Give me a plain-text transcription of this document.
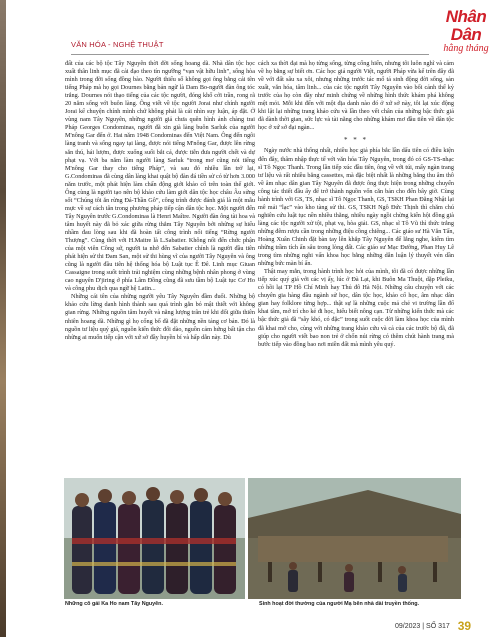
VĂN HÓA - NGHỆ THUẬT
Nhân Dân
hằng tháng

đất của các bộ tộc Tây Nguyên thời đời sống hoang dã. Nhà dân tộc học xuất thân linh mục đã cải đạo theo tín ngưỡng “vạn vật hữu linh”, sống hòa mình trong đời sống đồng bào. Người thiểu số không gọi ông bằng cái tên tiếng Pháp mà họ gọi Dournes bằng bản ngữ là Dam Bo-người đàn ông tóc trắng. Dournes nói thạo tiếng của các tộc người, đóng khố cởi trần, rong rã 20 năm sống với buôn làng. Ông viết về tộc người Jorai như chính người Jorai kể chuyện chính mình chứ không phải là cái nhìn suy luận, áp đặt. Ở vùng nam Tây Nguyên, những người giả chưa quên hình ảnh chàng trai Pháp Georges Condominas, người đã xin già làng buôn Sarluk của người M'nông Gar đến ở. Hai năm 1948 Condominas đến Việt Nam. Ông đến ngôi làng tranh và sống ngay tại làng, được nói tiếng M'nông Gar, được lên rừng săn thú, hái lượm, được xuống suối bắt cá, được tiễn đưa người chết và dự phạt vạ. Với ba năm làm người làng Sarluk “trong mơ cũng nói tiếng M'nông Gar thay cho tiếng Pháp”, và sau đó nhiều lần trở lại, G.Condominas đã cùng dân làng khai quật bộ đàn đá tiền sử có từ hơn 3.000 năm trước, một phát hiện làm chấn động giới khảo cổ trên toàn thế giới. Ông cùng là người tạo nên bộ khảo cứu làm giới dân tộc học châu Âu sửng sốt “Chúng tôi ăn rừng Đá-Thần Gô”, công trình được đánh giá là một mẫu mực về sự cách tân trong phương pháp tiếp cận dân tộc học. Một người đến Tây Nguyên trước G.Condominas là Henri Maître. Người đàn ông tài hoa và tâm huyết này đã bỏ xác giữa rừng thẳm Tây Nguyên bởi những sự hiểu nhầm đau lòng sau khi đã hoàn tất công trình nổi tiếng “Rừng người Thượng”. Cùng thời với H.Maitre là L.Sabatier. Không nổi đến chức phận của một viên Công sứ, người ta nhớ đến Sabatier chính là người đầu tiên phát hiện sử thi Đam San, một sử thi hùng vĩ của người Tây Nguyên và ông cũng là người đầu tiên hệ thống hóa bộ Luật tục Ê Đê. Linh mục Giuan Cassaigne trong suốt trình trải nghiệm cùng những bệnh nhân phong ở vùng cao nguyên D'jiring ở phía Lâm Đồng cũng đã sưu tầm bộ Luật tục Cơ Ho và công phu dịch qua ngữ hệ Latin...

Những cái tên của những người yêu Tây Nguyên đầm đuối. Những bộ khảo cứu lừng danh hình thành sau quá trình gắn bó mật thiết với không gian rừng. Những nguồn tâm huyết và năng lượng trân trẻ khi đối giữa thiên nhiên hoang dã. Những gì họ cống bố đã đặt những nền tảng cơ bản. Đó là nguồn tư liệu quý giá, nguồn kiến thức đối dào, nguồn cảm hứng bất tận cho những ai muốn tiếp cận với xứ sở đầy huyền bí và hấp dẫn này. Dù

cách xa thời đại mà họ từng sống, từng cống hiến, nhưng tôi luôn nghĩ và cảm về họ bằng sự biết ơn. Các học giả người Việt, người Pháp vừa kể trên đây đã về với đất sâu xa xôi, nhưng những trước tác mổ tả sinh động đời sống, sản xuất, văn hóa, tâm linh... của các tộc người Tây Nguyên vào bối cảnh thế kỷ trước của họ còn đây như minh chứng về những hình thức khám phá không mệt mỏi. Mỗi khi đến với một địa danh nào đó ở xứ sở này, tôi lại xúc động khi lật lại những trang khảo cứu và lần theo vết chân của những bậc thức giả đã dành thời gian, sức lực và tài năng cho những khám mơ đầu tiên về dân tộc học ở xứ sở đại ngàn...

* * *

Ngày nước nhà thống nhất, nhiều học giả phía bắc lần dấu tiên có điều kiện đến đây, thâm nhập thực tế với văn hóa Tây Nguyên, trong đó có GS-TS-nhạc sĩ Tô Ngọc Thanh. Trong lần tiếp xúc đầu tiên, ông về với túi, mấy ngàn trang tư liệu và rất nhiều băng cassettes, mà đặc biệt nhất là những băng thu âm thô về âm nhạc dân gian Tây Nguyên đã được ông thực hiện trong những chuyến công tác thiết đầu ấy để trở thành nguồn vốn căn bản cho đến bây giờ. Cùng hành trình với GS, TS, nhạc sĩ Tô Ngọc Thanh, GS, TSKH Phan Đăng Nhật lại mê mải “lạc” vào kho tàng sử thi. GS, TSKH Ngô Đức Thịnh thì chăm chú nghiên cứu luật tục nền nhiều thăng, nhiều ngày ngồi chừng kiến hội đồng già làng các tộc người xử tội, phạt vạ, hòa giải. GS, nhạc sĩ Tô Vũ thì thức trắng những đêm rượu cần trong những điệu cồng chiêng... Các giáo sư Hà Văn Tấn, Hoàng Xuân Chinh đặt bàn tay lên khắp Tây Nguyên để lắng nghe, kiếm tìm những trầm tích ẩn sâu trong lòng đất. Các giáo sư Mạc Đường, Phan Huy Lê trong tìm những nghi vấn khoa học bằng những dẫn luận lý thuyết vén dần những bức màn bí ẩn.

Thật may mắn, trong hành trình học hỏi của mình, tôi đã có được những lần tiếp xúc quý giá với các vị ấy, lúc ở Đà Lạt, khi Buôn Ma Thuột, dặp Pleiku, có hồi lại TP Hồ Chí Minh hay Thủ đô Hà Nội. Những câu chuyện với các chuyên gia hàng đầu ngành sử học, dân tộc học, khảo cổ học, âm nhạc dân gian hay folklore từng hợp... thật sự là những cuộc mả chẻ vi trường lần đổ khai tâm, mở trí cho kẻ đi học, hiểu biết nông cạn. Từ những kiến thức mà các bậc thức giả đã “sẵy khó, có đặc” trong suốt cuộc đời làm khoa học của mình đã khai mở cho, cùng với những trang khảo cứu và cả của các trước bộ đã, đã giúp cho người viết bao non trẻ ở chốn núi rừng có thêm chút hành trang mà bước tiếp vào đồng bao nơi miền đất mà mình yêu quý.

Những cô gái Ka Ho nam Tây Nguyên.	Sinh hoạt đời thường của người Mạ bên nhà dài truyền thống.
09/2023 | SỐ 317 39
